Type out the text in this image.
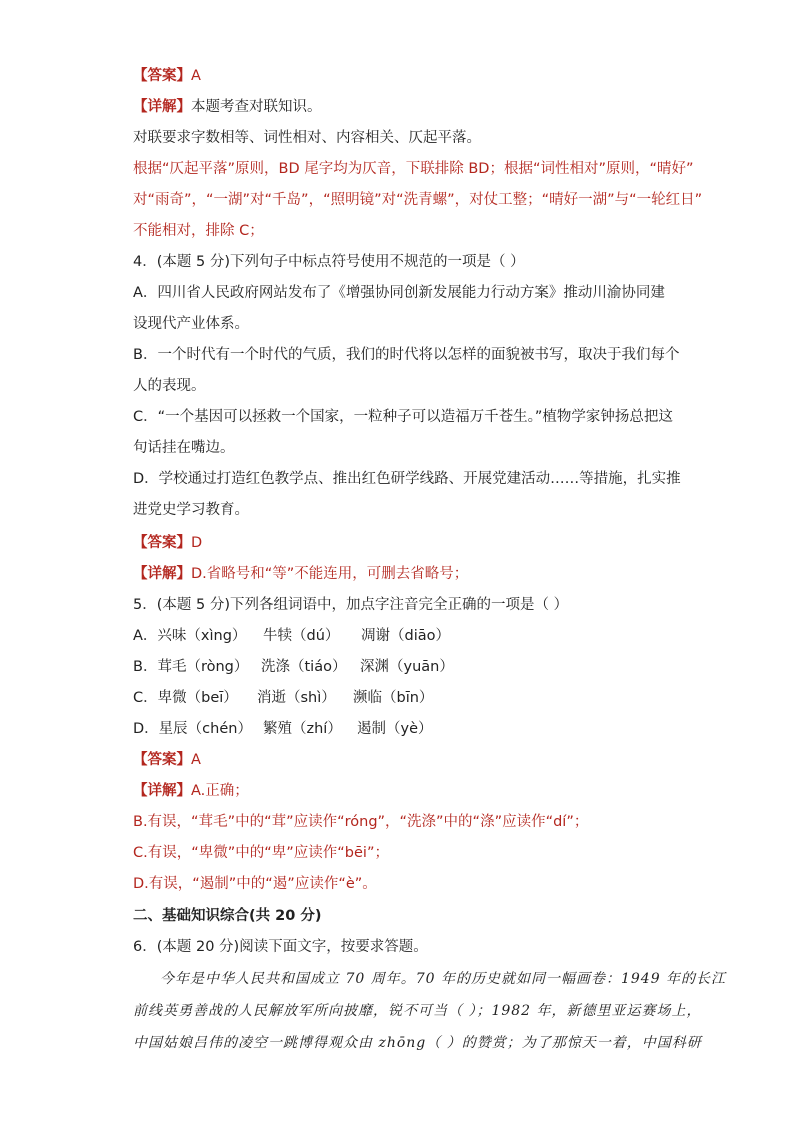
【答案】A
【详解】本题考查对联知识。
对联要求字数相等、词性相对、内容相关、仄起平落。
根据“仄起平落”原则，BD 尾字均为仄音，下联排除 BD；根据“词性相对”原则，“晴好”
对“雨奇”，“一湖”对“千岛”，“照明镜”对“洗青螺”，对仗工整；“晴好一湖”与“一轮红日”
不能相对，排除 C；
4．(本题 5 分)下列句子中标点符号使用不规范的一项是（ ）
A．四川省人民政府网站发布了《增强协同创新发展能力行动方案》推动川渝协同建
设现代产业体系。
B．一个时代有一个时代的气质，我们的时代将以怎样的面貌被书写，取决于我们每个
人的表现。
C．“一个基因可以拯救一个国家，一粒种子可以造福万千苍生。”植物学家钟扬总把这
句话挂在嘴边。
D．学校通过打造红色教学点、推出红色研学线路、开展党建活动……等措施，扎实推
进党史学习教育。
【答案】D
【详解】D.省略号和“等”不能连用，可删去省略号；
5．(本题 5 分)下列各组词语中，加点字注音完全正确的一项是（ ）
A．兴味（xìng） 牛犊（dú） 凋谢（diāo）
B．茸毛（ròng） 洗涤（tiáo） 深渊（yuān）
C．卑微（beī） 消逝（shì） 濒临（bīn）
D．星辰（chén） 繁殖（zhí） 遏制（yè）
【答案】A
【详解】A.正确；
B.有误，“茸毛”中的“茸”应读作“róng”，“洗涤”中的“涤”应读作“dí”；
C.有误，“卑微”中的“卑”应读作“bēi”；
D.有误，“遏制”中的“遏”应读作“è”。
二、基础知识综合(共 20 分)
6．(本题 20 分)阅读下面文字，按要求答题。
今年是中华人民共和国成立 70 周年。70 年的历史就如同一幅画卷：1949 年的长江
前线英勇善战的人民解放军所向披靡，锐不可当（ ）；1982 年，新德里亚运赛场上，
中国姑娘吕伟的凌空一跳博得观众由 zhōng（ ）的赞赏；为了那惊天一着，中国科研
